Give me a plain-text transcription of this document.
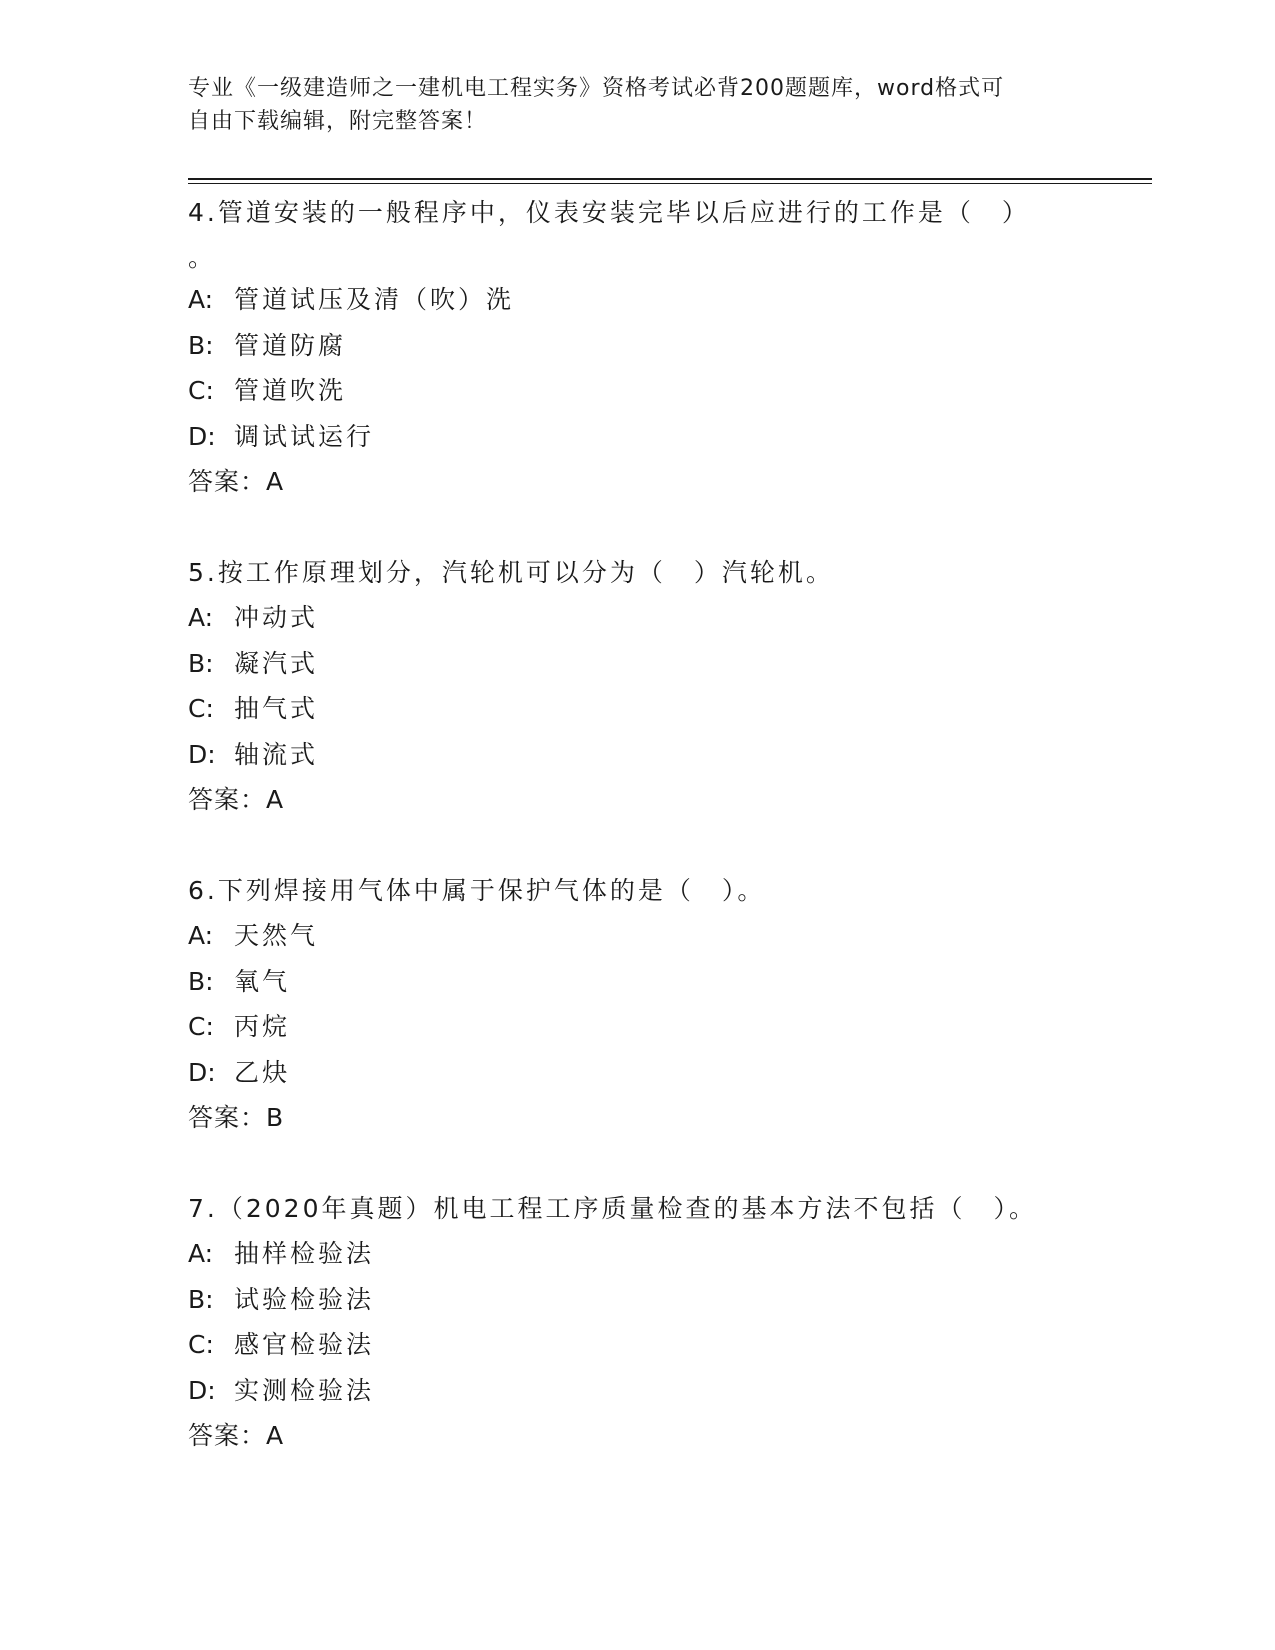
专业《一级建造师之一建机电工程实务》资格考试必背200题题库，word格式可
自由下载编辑，附完整答案！
4.管道安装的一般程序中，仪表安装完毕以后应进行的工作是（　）
。
A: 管道试压及清（吹）洗
B: 管道防腐
C: 管道吹洗
D: 调试试运行
答案：A
5.按工作原理划分，汽轮机可以分为（　）汽轮机。
A: 冲动式
B: 凝汽式
C: 抽气式
D: 轴流式
答案：A
6.下列焊接用气体中属于保护气体的是（　）。
A: 天然气
B: 氧气
C: 丙烷
D: 乙炔
答案：B
7.（2020年真题）机电工程工序质量检查的基本方法不包括（　）。
A: 抽样检验法
B: 试验检验法
C: 感官检验法
D: 实测检验法
答案：A
